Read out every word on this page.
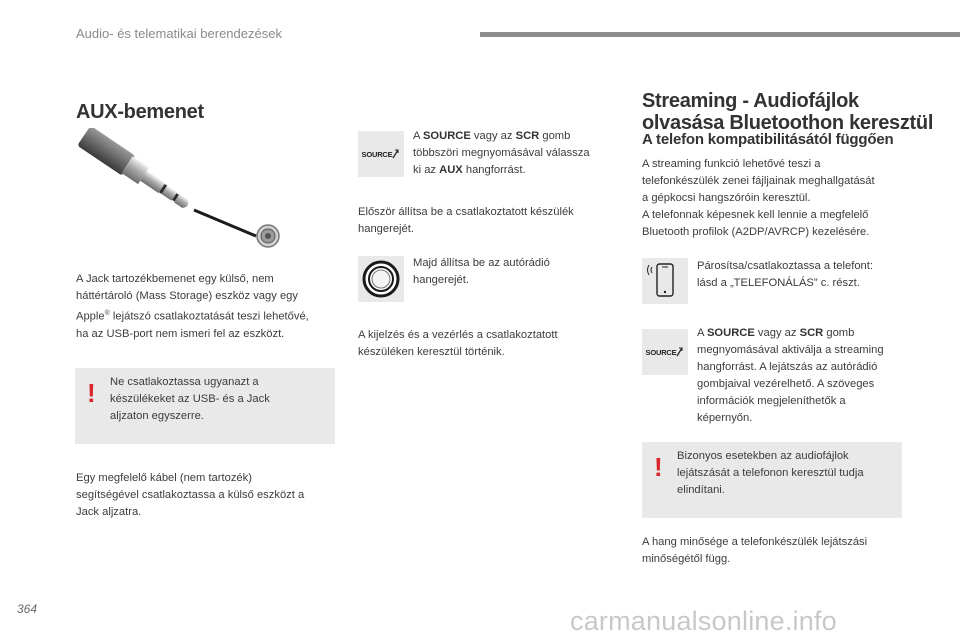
Audio- és telematikai berendezések
AUX-bemenet
A Jack tartozékbemenet egy külső, nem
háttértároló (Mass Storage) eszköz vagy egy
Apple® lejátszó csatlakoztatását teszi lehetővé,
ha az USB-port nem ismeri fel az eszközt.
! Ne csatlakoztassa ugyanazt a
készülékeket az USB- és a Jack
aljzaton egyszerre.
Egy megfelelő kábel (nem tartozék)
segítségével csatlakoztassa a külső eszközt a
Jack aljzatra.
SOURCE
A SOURCE vagy az SCR gomb
többszöri megnyomásával válassza
ki az AUX hangforrást.
Először állítsa be a csatlakoztatott készülék
hangerejét.
Majd állítsa be az autórádió
hangerejét.
A kijelzés és a vezérlés a csatlakoztatott
készüléken keresztül történik.
Streaming - Audiofájlok
olvasása Bluetoothon keresztül
A telefon kompatibilitásától függően
A streaming funkció lehetővé teszi a
telefonkészülék zenei fájljainak meghallgatását
a gépkocsi hangszóróin keresztül.
A telefonnak képesnek kell lennie a megfelelő
Bluetooth profilok (A2DP/AVRCP) kezelésére.
Párosítsa/csatlakoztassa a telefont:
lásd a „TELEFONÁLÁS” c. részt.
SOURCE
A SOURCE vagy az SCR gomb
megnyomásával aktiválja a streaming
hangforrást. A lejátszás az autórádió
gombjaival vezérelhető. A szöveges
információk megjeleníthetők a
képernyőn.
! Bizonyos esetekben az audiofájlok
lejátszását a telefonon keresztül tudja
elindítani.
A hang minősége a telefonkészülék lejátszási
minőségétől függ.
364	carmanualsonline.info
